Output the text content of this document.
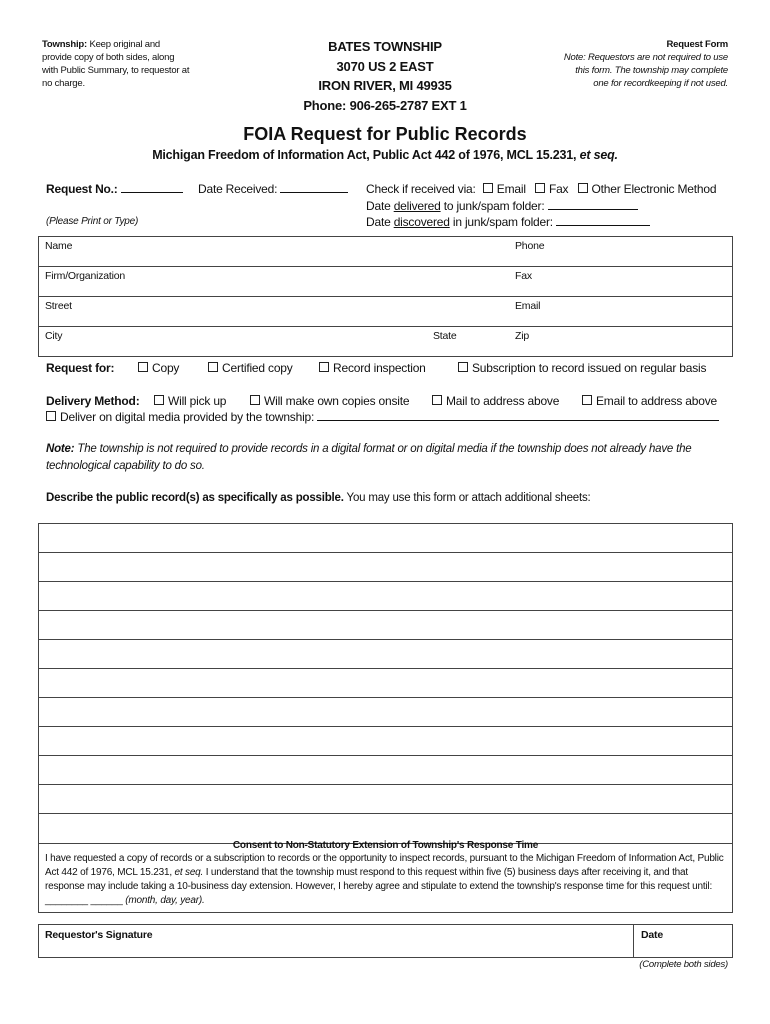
Township: Keep original and provide copy of both sides, along with Public Summary, to requestor at no charge.
BATES TOWNSHIP
3070 US 2 EAST
IRON RIVER, MI 49935
Phone: 906-265-2787 EXT 1
Request Form
Note: Requestors are not required to use this form. The township may complete one for recordkeeping if not used.
FOIA Request for Public Records
Michigan Freedom of Information Act, Public Act 442 of 1976, MCL 15.231, et seq.
Request No.:	Date Received:
(Please Print or Type)
Check if received via: Email Fax Other Electronic Method
Date delivered to junk/spam folder:
Date discovered in junk/spam folder:
Name		Phone
Firm/Organization		Fax
Street		Email
City	State	Zip
Request for:	Copy	Certified copy	Record inspection	Subscription to record issued on regular basis
Delivery Method:	Will pick up	Will make own copies onsite	Mail to address above	Email to address above
Deliver on digital media provided by the township:
Note: The township is not required to provide records in a digital format or on digital media if the township does not already have the technological capability to do so.
Describe the public record(s) as specifically as possible. You may use this form or attach additional sheets:
Consent to Non-Statutory Extension of Township's Response Time
I have requested a copy of records or a subscription to records or the opportunity to inspect records, pursuant to the Michigan Freedom of Information Act, Public Act 442 of 1976, MCL 15.231, et seq. I understand that the township must respond to this request within five (5) business days after receiving it, and that response may include taking a 10-business day extension. However, I hereby agree and stipulate to extend the township's response time for this request until: ________ ______ (month, day, year).
Requestor's Signature	Date
(Complete both sides)
